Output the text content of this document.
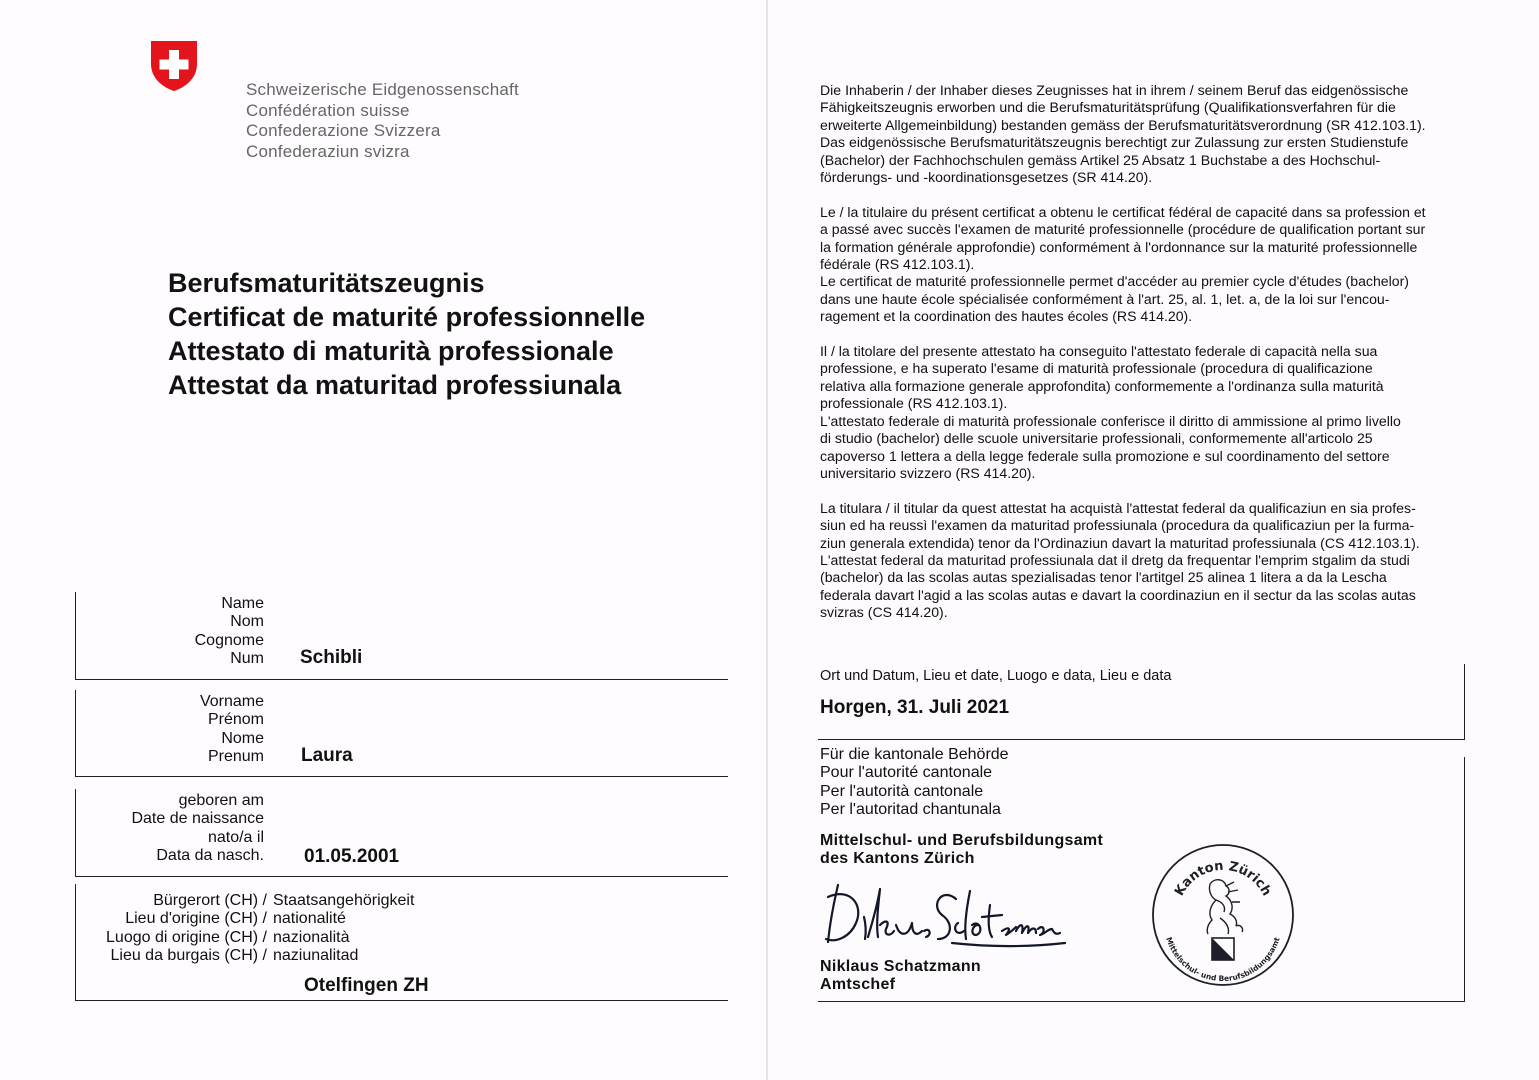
Schweizerische Eidgenossenschaft
Confédération suisse
Confederazione Svizzera
Confederaziun svizra
Berufsmaturitätszeugnis
Certificat de maturité professionnelle
Attestato di maturità professionale
Attestat da maturitad professiunala
Name
Nom
Cognome
Num Schibli
Vorname
Prénom
Nome
Prenum Laura
geboren am
Date de naissance
nato/a il
Data da nasch. 01.05.2001
Bürgerort (CH) / Staatsangehörigkeit
Lieu d'origine (CH) / nationalité
Luogo di origine (CH) / nazionalità
Lieu da burgais (CH) / naziunalitad
Otelfingen ZH

Die Inhaberin / der Inhaber dieses Zeugnisses hat in ihrem / seinem Beruf das eidgenössische
Fähigkeitszeugnis erworben und die Berufsmaturitätsprüfung (Qualifikationsverfahren für die
erweiterte Allgemeinbildung) bestanden gemäss der Berufsmaturitätsverordnung (SR 412.103.1).
Das eidgenössische Berufsmaturitätszeugnis berechtigt zur Zulassung zur ersten Studienstufe
(Bachelor) der Fachhochschulen gemäss Artikel 25 Absatz 1 Buchstabe a des Hochschul-
förderungs- und -koordinationsgesetzes (SR 414.20).

Le / la titulaire du présent certificat a obtenu le certificat fédéral de capacité dans sa profession et
a passé avec succès l'examen de maturité professionnelle (procédure de qualification portant sur
la formation générale approfondie) conformément à l'ordonnance sur la maturité professionnelle
fédérale (RS 412.103.1).
Le certificat de maturité professionnelle permet d'accéder au premier cycle d'études (bachelor)
dans une haute école spécialisée conformément à l'art. 25, al. 1, let. a, de la loi sur l'encou-
ragement et la coordination des hautes écoles (RS 414.20).

Il / la titolare del presente attestato ha conseguito l'attestato federale di capacità nella sua
professione, e ha superato l'esame di maturità professionale (procedura di qualificazione
relativa alla formazione generale approfondita) conformemente a l'ordinanza sulla maturità
professionale (RS 412.103.1).
L'attestato federale di maturità professionale conferisce il diritto di ammissione al primo livello
di studio (bachelor) delle scuole universitarie professionali, conformemente all'articolo 25
capoverso 1 lettera a della legge federale sulla promozione e sul coordinamento del settore
universitario svizzero (RS 414.20).

La titulara / il titular da quest attestat ha acquistà l'attestat federal da qualificaziun en sia profes-
siun ed ha reussì l'examen da maturitad professiunala (procedura da qualificaziun per la furma-
ziun generala extendida) tenor da l'Ordinaziun davart la maturitad professiunala (CS 412.103.1).
L'attestat federal da maturitad professiunala dat il dretg da frequentar l'emprim stgalim da studi
(bachelor) da las scolas autas spezialisadas tenor l'artitgel 25 alinea 1 litera a da la Lescha
federala davart l'agid a las scolas autas e davart la coordinaziun en il sectur da las scolas autas
svizras (CS 414.20).

Ort und Datum, Lieu et date, Luogo e data, Lieu e data
Horgen, 31. Juli 2021
Für die kantonale Behörde
Pour l'autorité cantonale
Per l'autorità cantonale
Per l'autoritad chantunala
Mittelschul- und Berufsbildungsamt
des Kantons Zürich
Niklaus Schatzmann
Amtschef
Kanton Zürich
Mittelschul- und Berufsbildungsamt
